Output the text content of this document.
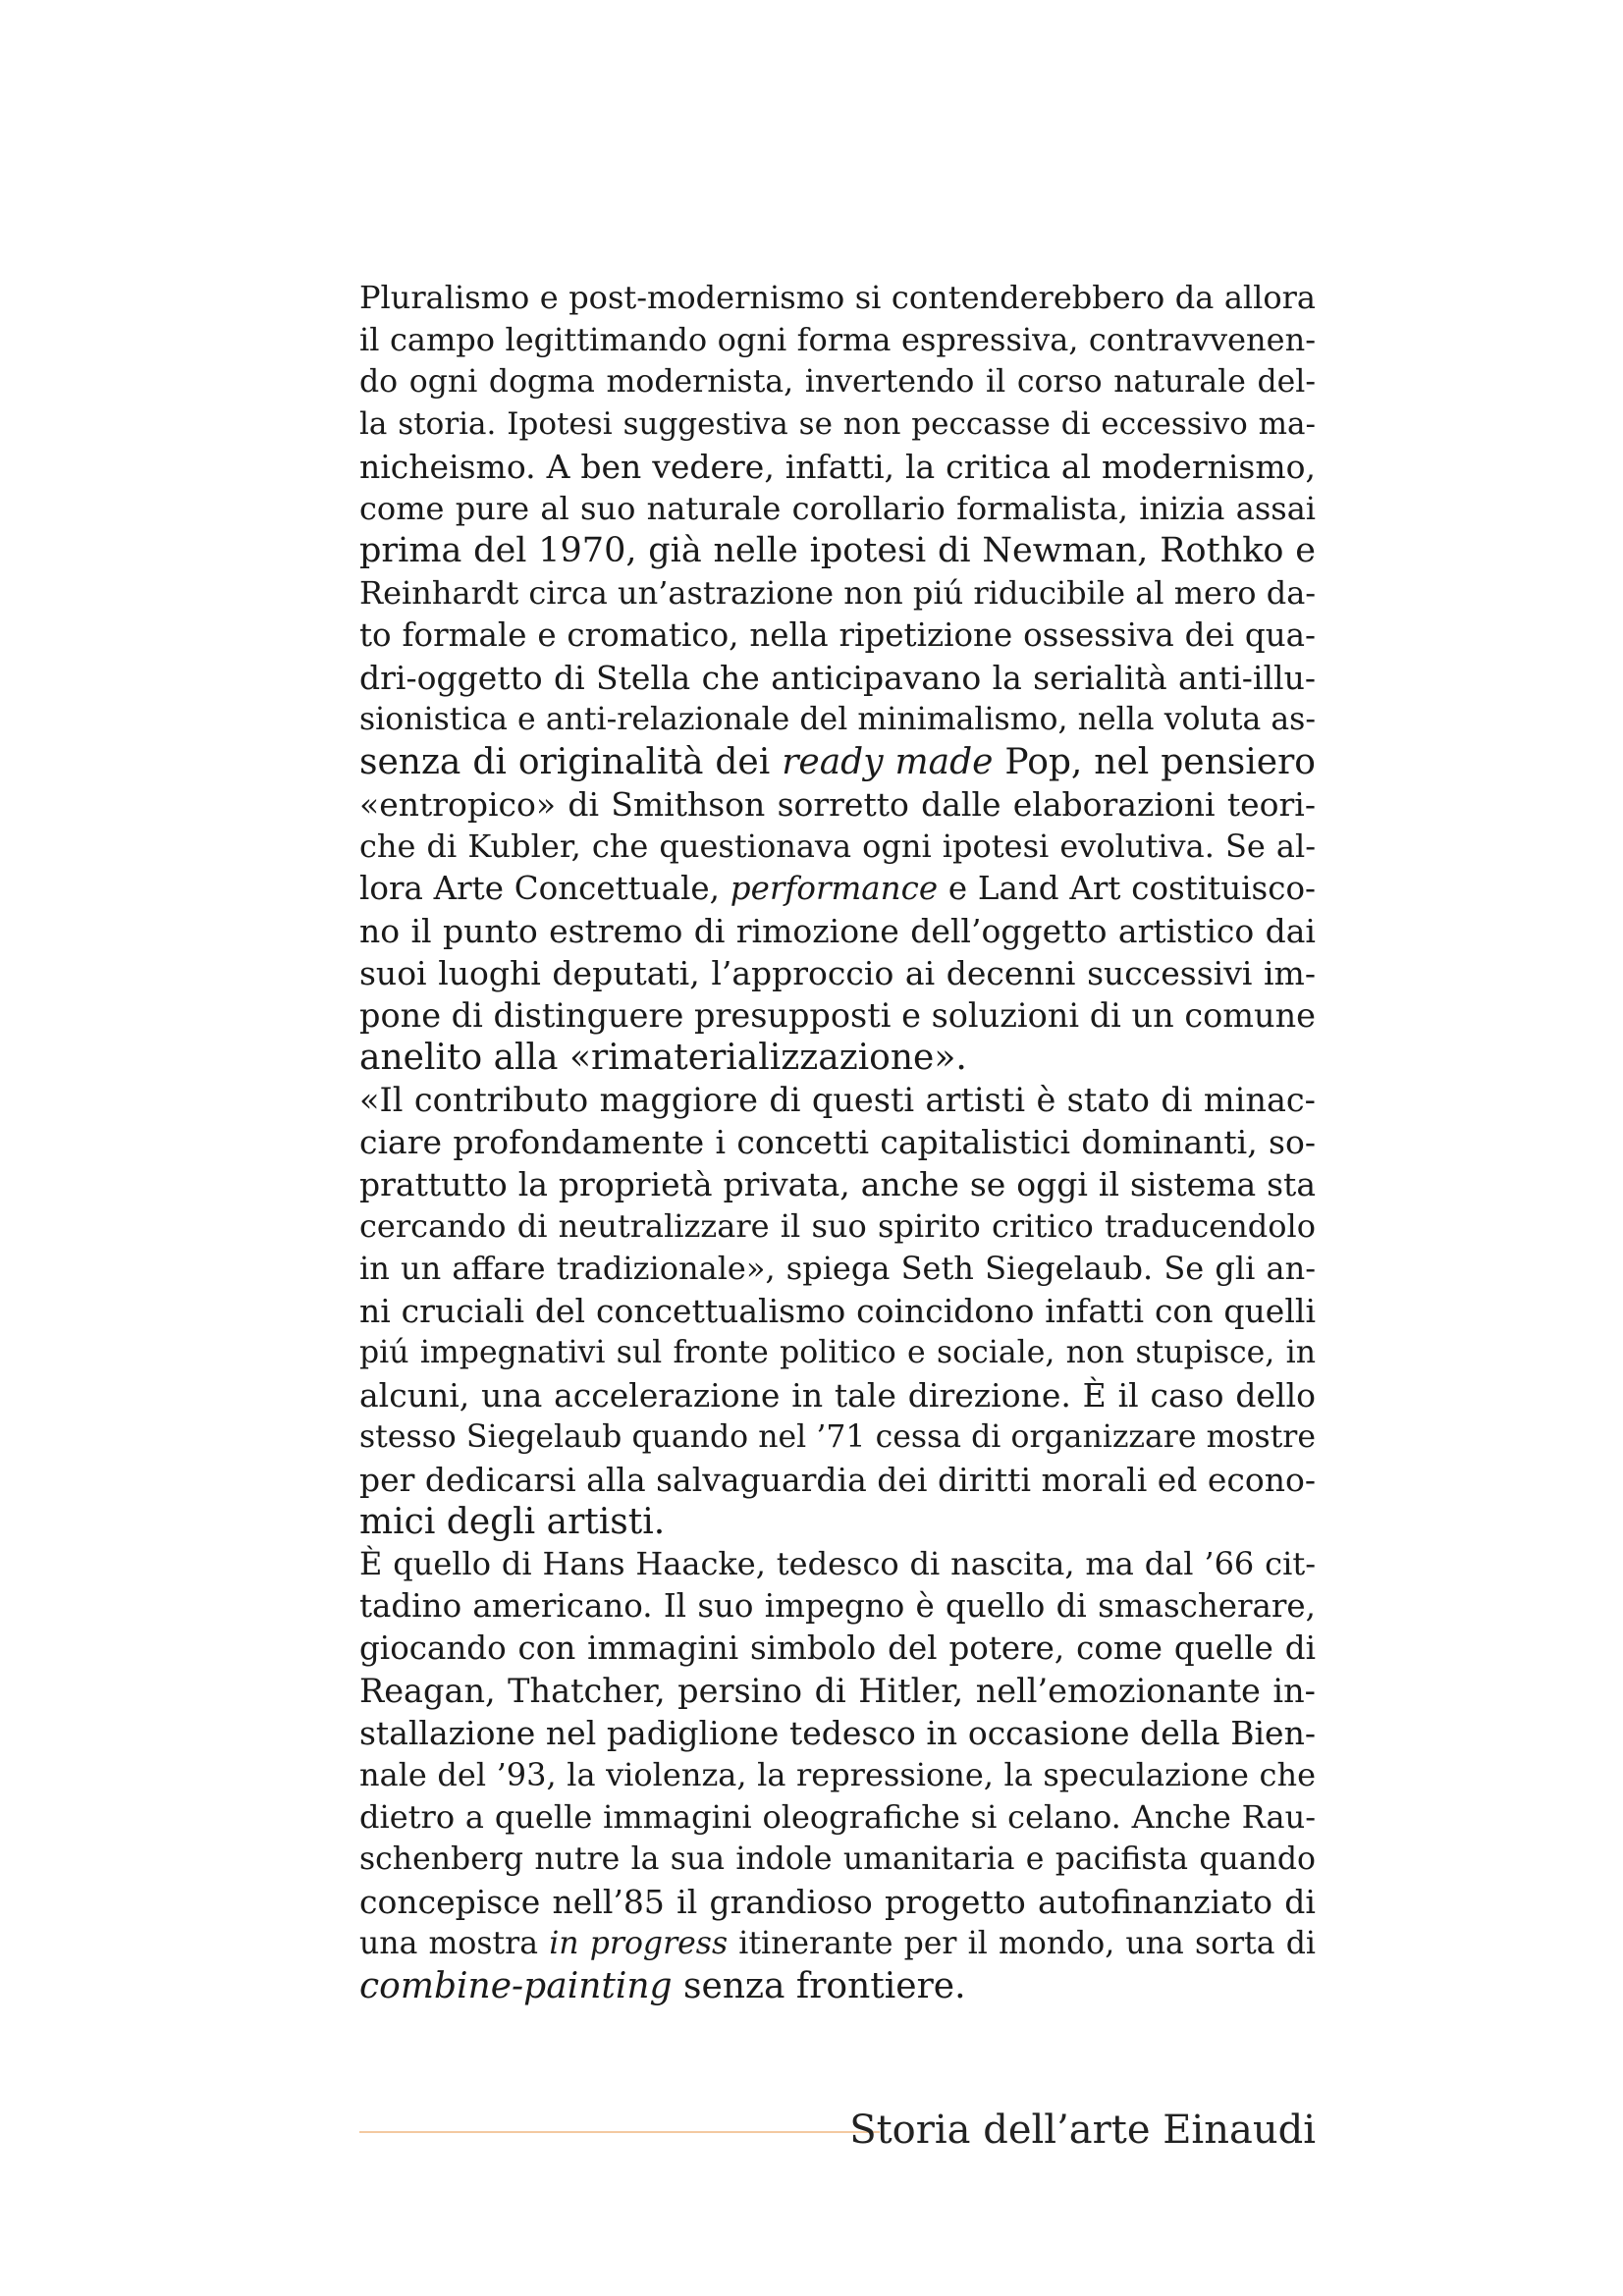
Pluralismo e post-modernismo si contenderebbero da allora
il campo legittimando ogni forma espressiva, contravvenen-
do ogni dogma modernista, invertendo il corso naturale del-
la storia. Ipotesi suggestiva se non peccasse di eccessivo ma-
nicheismo. A ben vedere, infatti, la critica al modernismo,
come pure al suo naturale corollario formalista, inizia assai
prima del 1970, già nelle ipotesi di Newman, Rothko e
Reinhardt circa un’astrazione non piú riducibile al mero da-
to formale e cromatico, nella ripetizione ossessiva dei qua-
dri-oggetto di Stella che anticipavano la serialità anti-illu-
sionistica e anti-relazionale del minimalismo, nella voluta as-
senza di originalità dei ready made Pop, nel pensiero
«entropico» di Smithson sorretto dalle elaborazioni teori-
che di Kubler, che questionava ogni ipotesi evolutiva. Se al-
lora Arte Concettuale, performance e Land Art costituisco-
no il punto estremo di rimozione dell’oggetto artistico dai
suoi luoghi deputati, l’approccio ai decenni successivi im-
pone di distinguere presupposti e soluzioni di un comune
anelito alla «rimaterializzazione».
«Il contributo maggiore di questi artisti è stato di minac-
ciare profondamente i concetti capitalistici dominanti, so-
prattutto la proprietà privata, anche se oggi il sistema sta
cercando di neutralizzare il suo spirito critico traducendolo
in un affare tradizionale», spiega Seth Siegelaub. Se gli an-
ni cruciali del concettualismo coincidono infatti con quelli
piú impegnativi sul fronte politico e sociale, non stupisce, in
alcuni, una accelerazione in tale direzione. È il caso dello
stesso Siegelaub quando nel ’71 cessa di organizzare mostre
per dedicarsi alla salvaguardia dei diritti morali ed econo-
mici degli artisti.
È quello di Hans Haacke, tedesco di nascita, ma dal ’66 cit-
tadino americano. Il suo impegno è quello di smascherare,
giocando con immagini simbolo del potere, come quelle di
Reagan, Thatcher, persino di Hitler, nell’emozionante in-
stallazione nel padiglione tedesco in occasione della Bien-
nale del ’93, la violenza, la repressione, la speculazione che
dietro a quelle immagini oleografiche si celano. Anche Rau-
schenberg nutre la sua indole umanitaria e pacifista quando
concepisce nell’85 il grandioso progetto autofinanziato di
una mostra in progress itinerante per il mondo, una sorta di
combine-painting senza frontiere.
Storia dell’arte Einaudi
